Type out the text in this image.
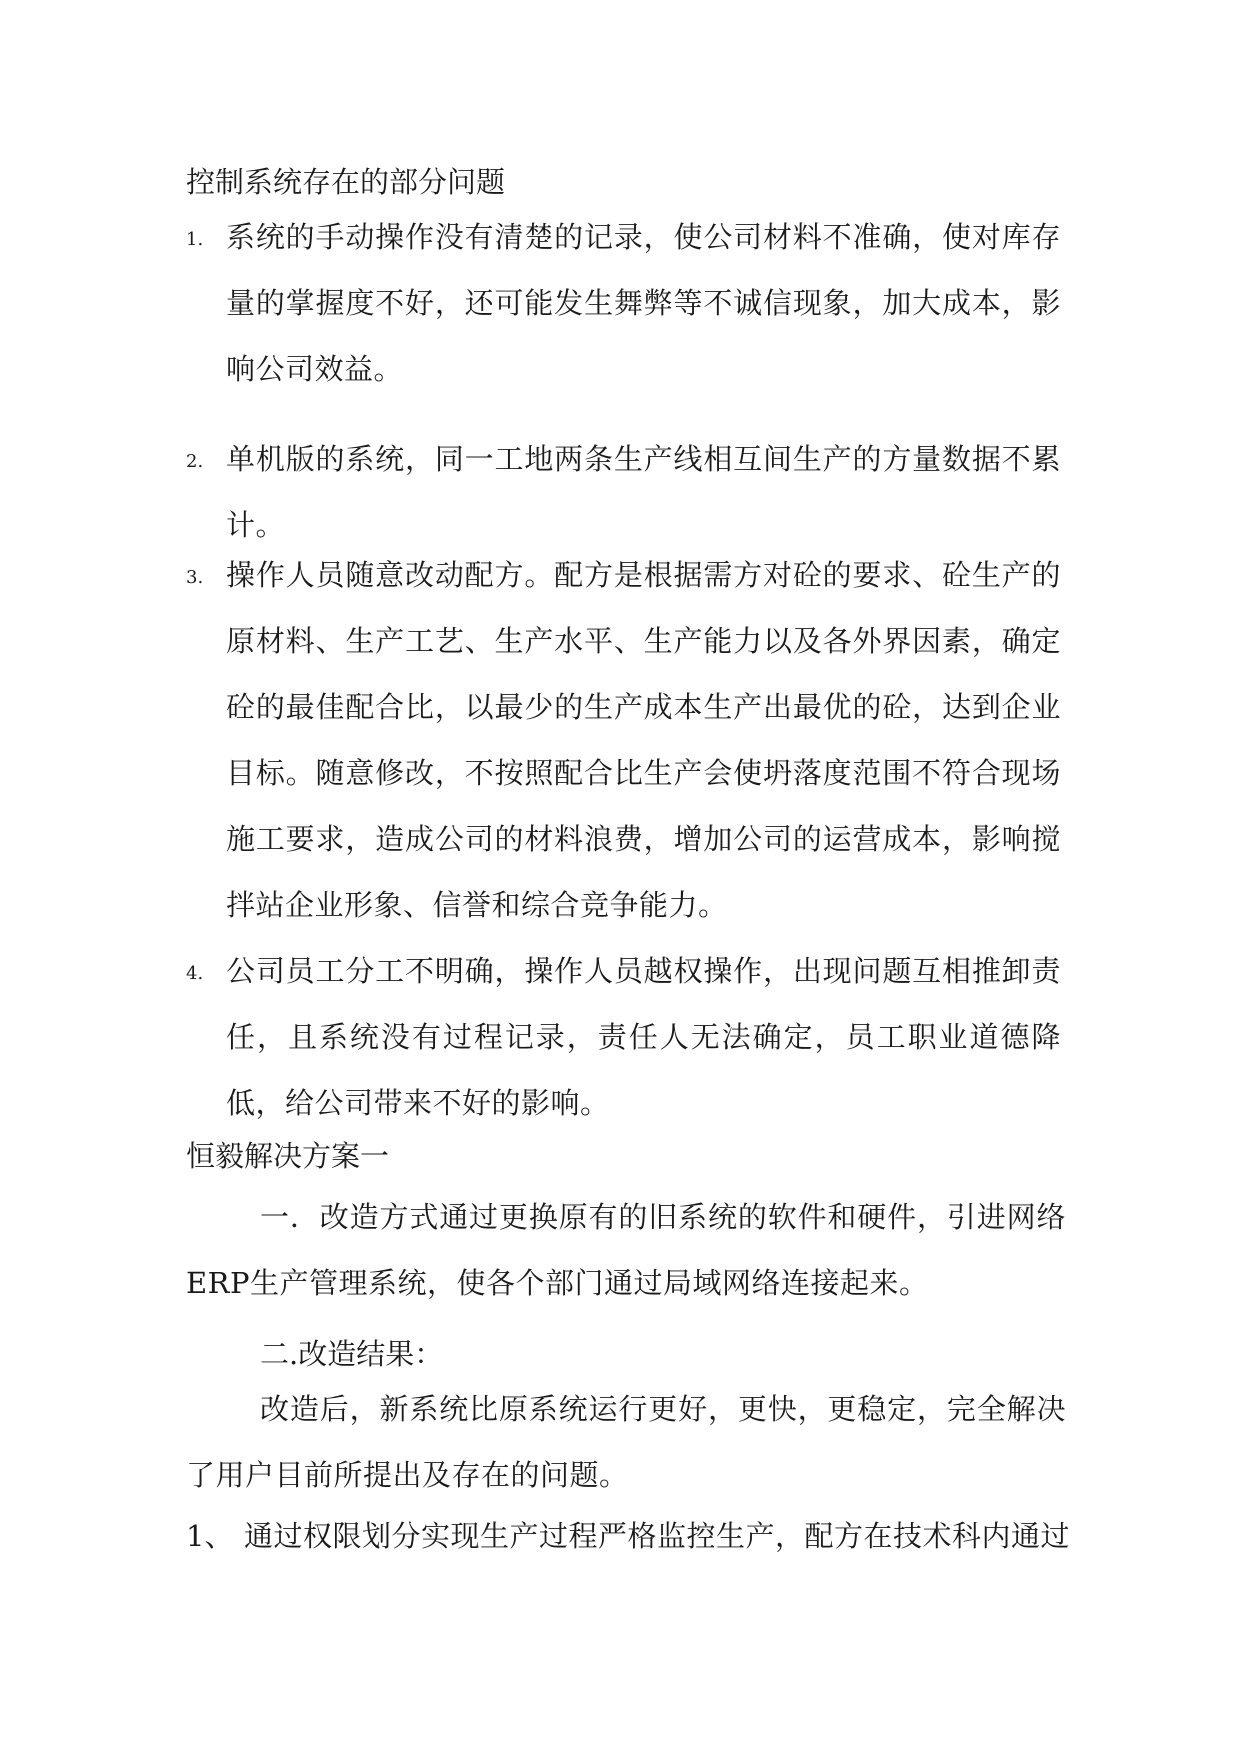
控制系统存在的部分问题
1. 系统的手动操作没有清楚的记录，使公司材料不准确，使对库存量的掌握度不好，还可能发生舞弊等不诚信现象，加大成本，影响公司效益。
2. 单机版的系统，同一工地两条生产线相互间生产的方量数据不累计。
3. 操作人员随意改动配方。配方是根据需方对砼的要求、砼生产的原材料、生产工艺、生产水平、生产能力以及各外界因素，确定砼的最佳配合比，以最少的生产成本生产出最优的砼，达到企业目标。随意修改，不按照配合比生产会使坍落度范围不符合现场施工要求，造成公司的材料浪费，增加公司的运营成本，影响搅拌站企业形象、信誉和综合竞争能力。
4. 公司员工分工不明确，操作人员越权操作，出现问题互相推卸责任，且系统没有过程记录，责任人无法确定，员工职业道德降低，给公司带来不好的影响。
恒毅解决方案一
一．改造方式通过更换原有的旧系统的软件和硬件，引进网络ERP生产管理系统，使各个部门通过局域网络连接起来。
二.改造结果：
改造后，新系统比原系统运行更好，更快，更稳定，完全解决了用户目前所提出及存在的问题。
1、 通过权限划分实现生产过程严格监控生产，配方在技术科内通过
